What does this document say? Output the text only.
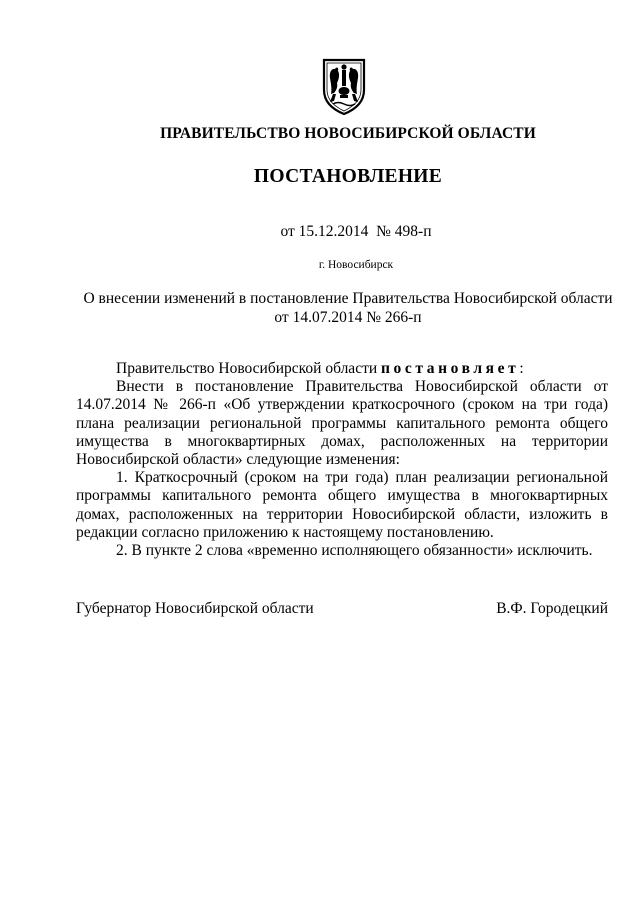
ПРАВИТЕЛЬСТВО НОВОСИБИРСКОЙ ОБЛАСТИ
ПОСТАНОВЛЕНИЕ
от 15.12.2014  № 498-п
г. Новосибирск
О внесении изменений в постановление Правительства Новосибирской области
от 14.07.2014 № 266-п

Правительство Новосибирской области постановляет:

Внести в постановление Правительства Новосибирской области от 14.07.2014 № 266-п «Об утверждении краткосрочного (сроком на три года) плана реализации региональной программы капитального ремонта общего имущества в многоквартирных домах, расположенных на территории Новосибирской области» следующие изменения:

1. Краткосрочный (сроком на три года) план реализации региональной программы капитального ремонта общего имущества в многоквартирных домах, расположенных на территории Новосибирской области, изложить в редакции согласно приложению к настоящему постановлению.

2. В пункте 2 слова «временно исполняющего обязанности» исключить.

Губернатор Новосибирской области	В.Ф. Городецкий
